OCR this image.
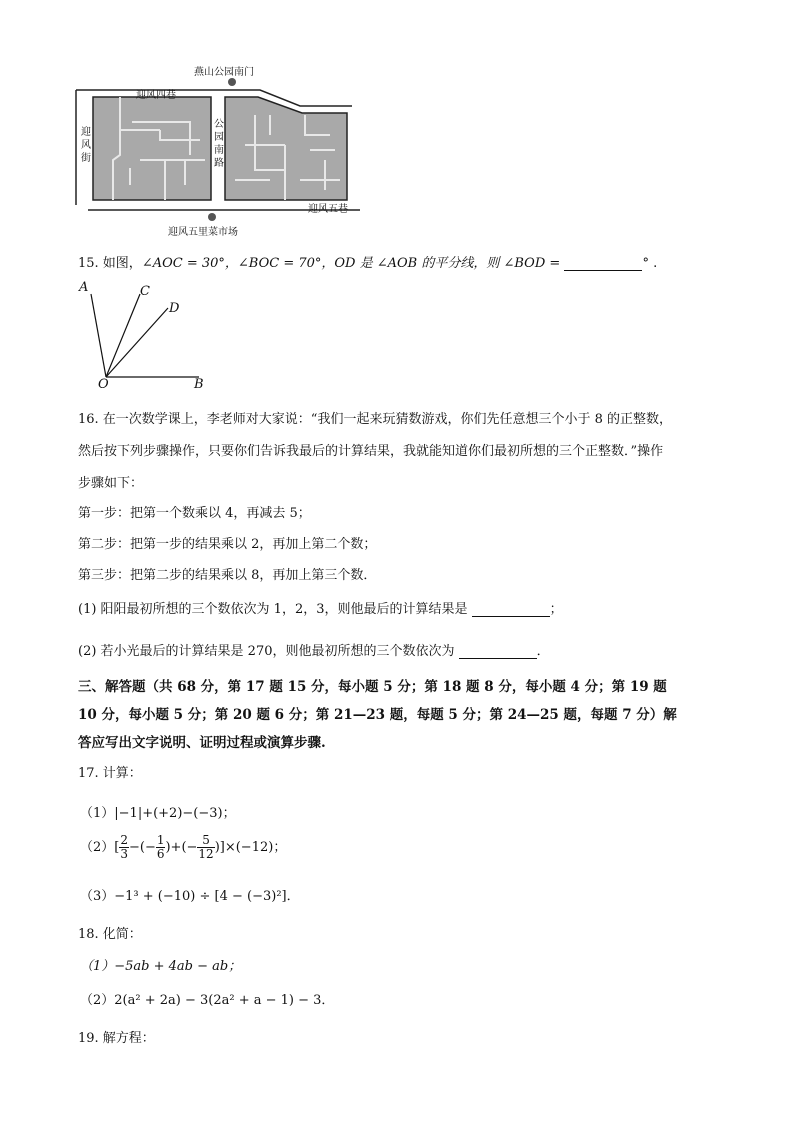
燕山公园南门
迎风四巷
迎风街
公园南路
迎风五巷
迎风五里菜市场
15. 如图，∠AOC = 30°，∠BOC = 70°，OD 是 ∠AOB 的平分线，则 ∠BOD =	° .
A	C
D
O	B
16. 在一次数学课上，李老师对大家说：“我们一起来玩猜数游戏，你们先任意想三个小于 8 的正整数，
然后按下列步骤操作，只要你们告诉我最后的计算结果，我就能知道你们最初所想的三个正整数．”操作
步骤如下：
第一步：把第一个数乘以 4，再减去 5；
第二步：把第一步的结果乘以 2，再加上第二个数；
第三步：把第二步的结果乘以 8，再加上第三个数．
(1) 阳阳最初所想的三个数依次为 1，2，3，则他最后的计算结果是	；
(2) 若小光最后的计算结果是 270，则他最初所想的三个数依次为	．
三、解答题（共 68 分，第 17 题 15 分，每小题 5 分；第 18 题 8 分，每小题 4 分；第 19 题
10 分，每小题 5 分；第 20 题 6 分；第 21—23 题，每题 5 分；第 24—25 题，每题 7 分）解
答应写出文字说明、证明过程或演算步骤.
17. 计算：
（1）|−1|+(+2)−(−3)；
$(2)[ \frac{2}{3}$ −(− $\frac{1}{6}$ )+(− $\frac{5}{12} )]\times(-12)$；
（3）−1³ + (−10) ÷ [4 − (−3)²]．
18. 化简：
（1）−5ab + 4ab − ab；
（2）2(a² + 2a) − 3(2a² + a − 1) − 3．
19. 解方程：
